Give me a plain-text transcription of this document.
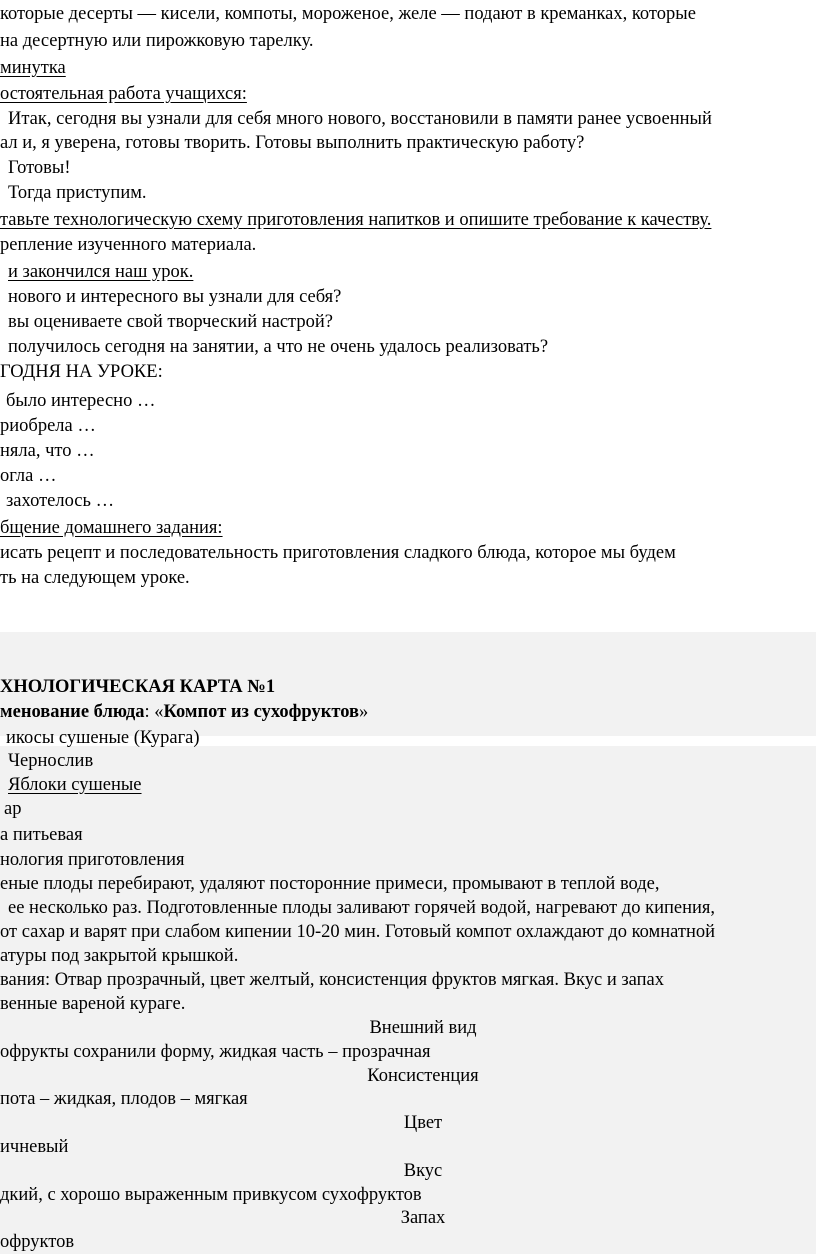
которые десерты — кисели, компоты, мороженое, желе — подают в креманках, которые
на десертную или пирожковую тарелку.
минутка
остоятельная работа учащихся:
Итак, сегодня вы узнали для себя много нового, восстановили в памяти ранее усвоенный
ал и, я уверена, готовы творить. Готовы выполнить практическую работу?
Готовы!
Тогда приступим.
тавьте технологическую схему приготовления напитков и опишите требование к качеству.
репление изученного материала.
и закончился наш урок.
нового и интересного вы узнали для себя?
вы оцениваете свой творческий настрой?
получилось сегодня на занятии, а что не очень удалось реализовать?
ГОДНЯ НА УРОКЕ:
было интересно …
риобрела …
няла, что …
огла …
захотелось …
бщение домашнего задания:
исать рецепт и последовательность приготовления сладкого блюда, которое мы будем
ть на следующем уроке.
ХНОЛОГИЧЕСКАЯ КАРТА №1
менование блюда: «Компот из сухофруктов»
икосы сушеные (Курага)
Чернослив
Яблоки сушеные
ар
а питьевая
нология приготовления
еные плоды перебирают, удаляют посторонние примеси, промывают в теплой воде,
ее несколько раз. Подготовленные плоды заливают горячей водой, нагревают до кипения,
от сахар и варят при слабом кипении 10-20 мин. Готовый компот охлаждают до комнатной
атуры под закрытой крышкой.
вания: Отвар прозрачный, цвет желтый, консистенция фруктов мягкая. Вкус и запах
венные вареной кураге.
Внешний вид
офрукты сохранили форму, жидкая часть – прозрачная
Консистенция
пота – жидкая, плодов – мягкая
Цвет
ичневый
Вкус
дкий, с хорошо выраженным привкусом сухофруктов
Запах
офруктов
